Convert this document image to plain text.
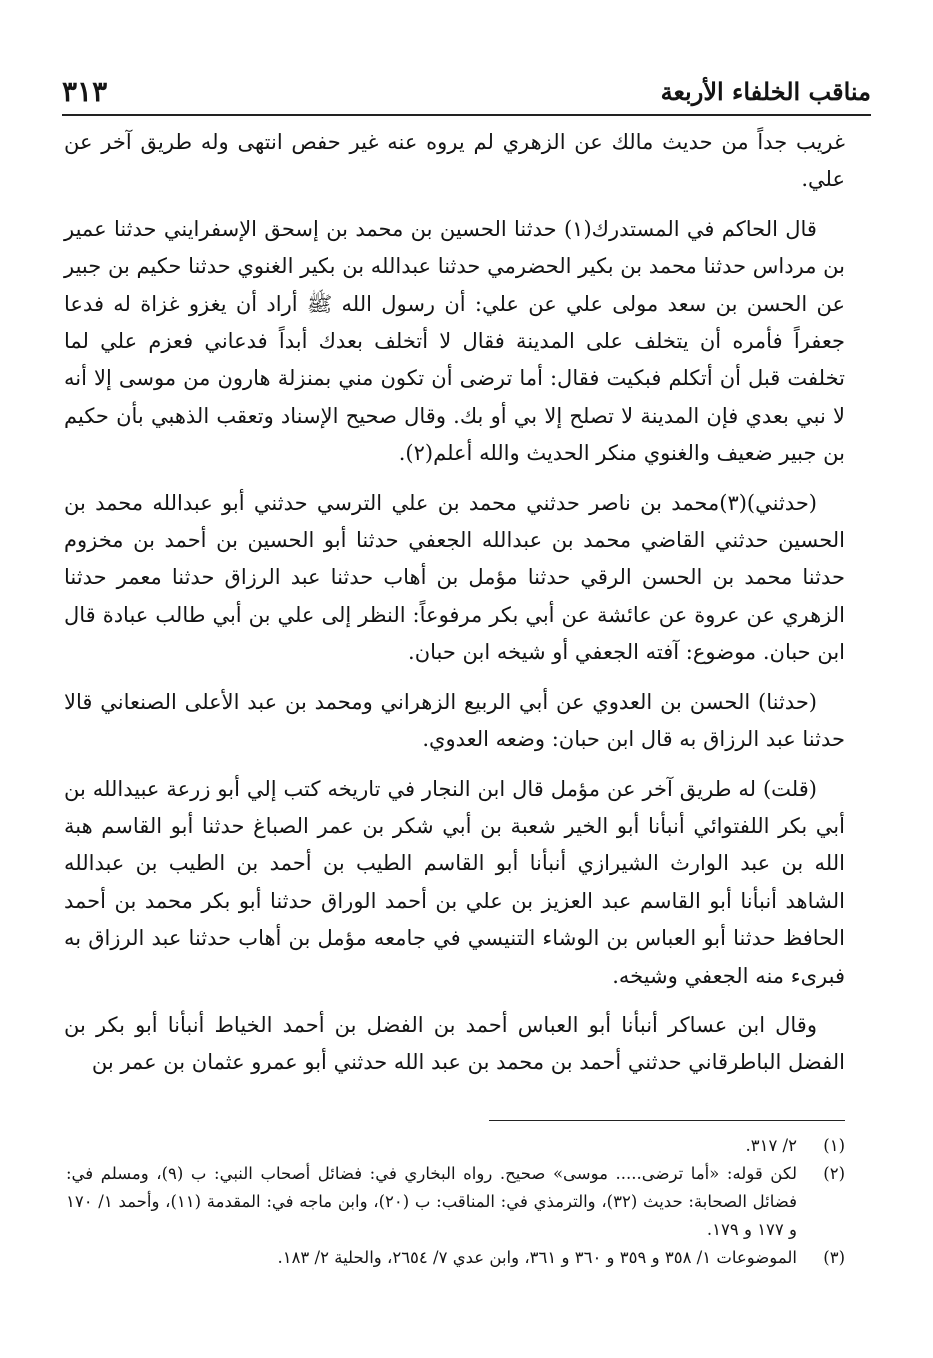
مناقب الخلفاء الأربعة
٣١٣

غريب جداً من حديث مالك عن الزهري لم يروه عنه غير حفص انتهى وله طريق آخر عن علي.

قال الحاكم في المستدرك(١) حدثنا الحسين بن محمد بن إسحق الإسفرايني حدثنا عمير بن مرداس حدثنا محمد بن بكير الحضرمي حدثنا عبدالله بن بكير الغنوي حدثنا حكيم بن جبير عن الحسن بن سعد مولى علي عن علي: أن رسول الله ﷺ أراد أن يغزو غزاة له فدعا جعفراً فأمره أن يتخلف على المدينة فقال لا أتخلف بعدك أبداً فدعاني فعزم علي لما تخلفت قبل أن أتكلم فبكيت فقال: أما ترضى أن تكون مني بمنزلة هارون من موسى إلا أنه لا نبي بعدي فإن المدينة لا تصلح إلا بي أو بك. وقال صحيح الإسناد وتعقب الذهبي بأن حكيم بن جبير ضعيف والغنوي منكر الحديث والله أعلم(٢).

(حدثني)(٣)محمد بن ناصر حدثني محمد بن علي الترسي حدثني أبو عبدالله محمد بن الحسين حدثني القاضي محمد بن عبدالله الجعفي حدثنا أبو الحسين بن أحمد بن مخزوم حدثنا محمد بن الحسن الرقي حدثنا مؤمل بن أهاب حدثنا عبد الرزاق حدثنا معمر حدثنا الزهري عن عروة عن عائشة عن أبي بكر مرفوعاً: النظر إلى علي بن أبي طالب عبادة قال ابن حبان. موضوع: آفته الجعفي أو شيخه ابن حبان.

(حدثنا) الحسن بن العدوي عن أبي الربيع الزهراني ومحمد بن عبد الأعلى الصنعاني قالا حدثنا عبد الرزاق به قال ابن حبان: وضعه العدوي.

(قلت) له طريق آخر عن مؤمل قال ابن النجار في تاريخه كتب إلي أبو زرعة عبيدالله بن أبي بكر اللفتوائي أنبأنا أبو الخير شعبة بن أبي شكر بن عمر الصباغ حدثنا أبو القاسم هبة الله بن عبد الوارث الشيرازي أنبأنا أبو القاسم الطيب بن أحمد بن الطيب بن عبدالله الشاهد أنبأنا أبو القاسم عبد العزيز بن علي بن أحمد الوراق حدثنا أبو بكر محمد بن أحمد الحافظ حدثنا أبو العباس بن الوشاء التنيسي في جامعه مؤمل بن أهاب حدثنا عبد الرزاق به فبرىء منه الجعفي وشيخه.

وقال ابن عساكر أنبأنا أبو العباس أحمد بن الفضل بن أحمد الخياط أنبأنا أبو بكر بن الفضل الباطرقاني حدثني أحمد بن محمد بن عبد الله حدثني أبو عمرو عثمان بن عمر بن

(١)
٢/ ٣١٧.
(٢)
لكن قوله: «أما ترضى..... موسى» صحيح. رواه البخاري في: فضائل أصحاب النبي: ب (٩)، ومسلم في: فضائل الصحابة: حديث (٣٢)، والترمذي في: المناقب: ب (٢٠)، وابن ماجه في: المقدمة (١١)، وأحمد ١/ ١٧٠ و ١٧٧ و ١٧٩.
(٣)
الموضوعات ١/ ٣٥٨ و ٣٥٩ و ٣٦٠ و ٣٦١، وابن عدي ٧/ ٢٦٥٤، والحلية ٢/ ١٨٣.
